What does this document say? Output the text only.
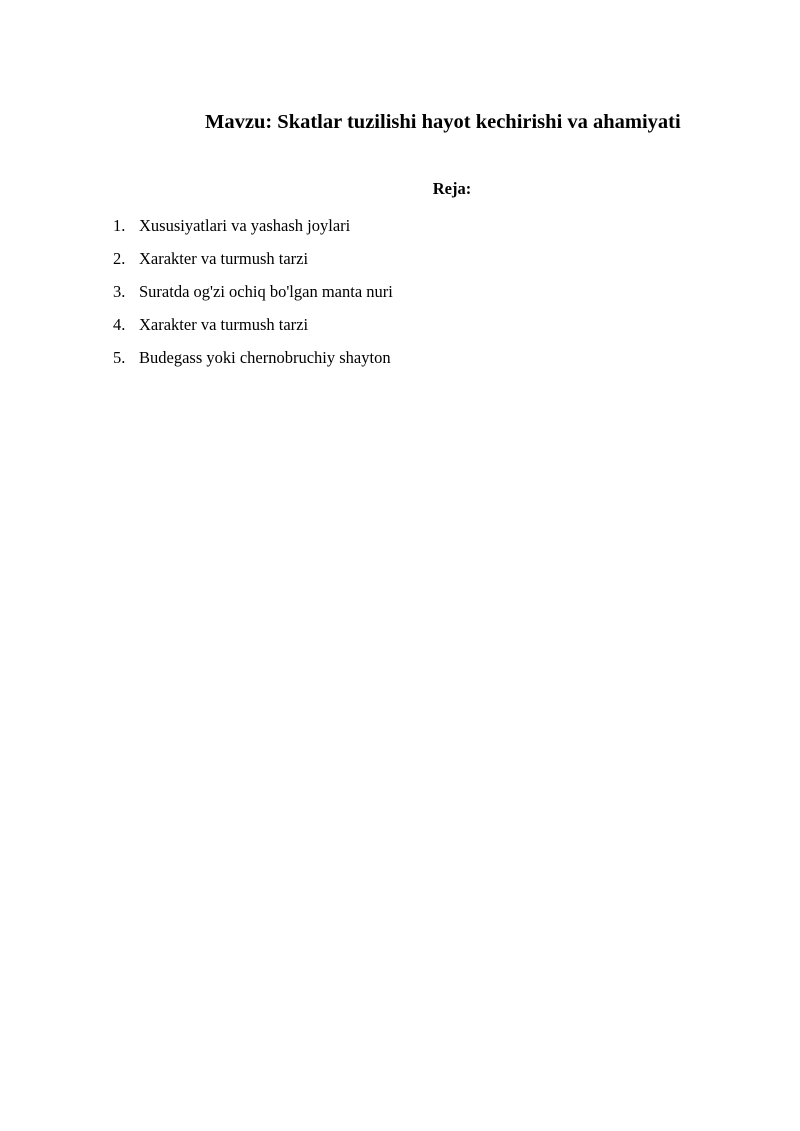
Mavzu: Skatlar tuzilishi hayot kechirishi va ahamiyati
Reja:
1. Xususiyatlari va yashash joylari
2. Xarakter va turmush tarzi
3. Suratda og'zi ochiq bo'lgan manta nuri
4. Xarakter va turmush tarzi
5. Budegass yoki chernobruchiy shayton
